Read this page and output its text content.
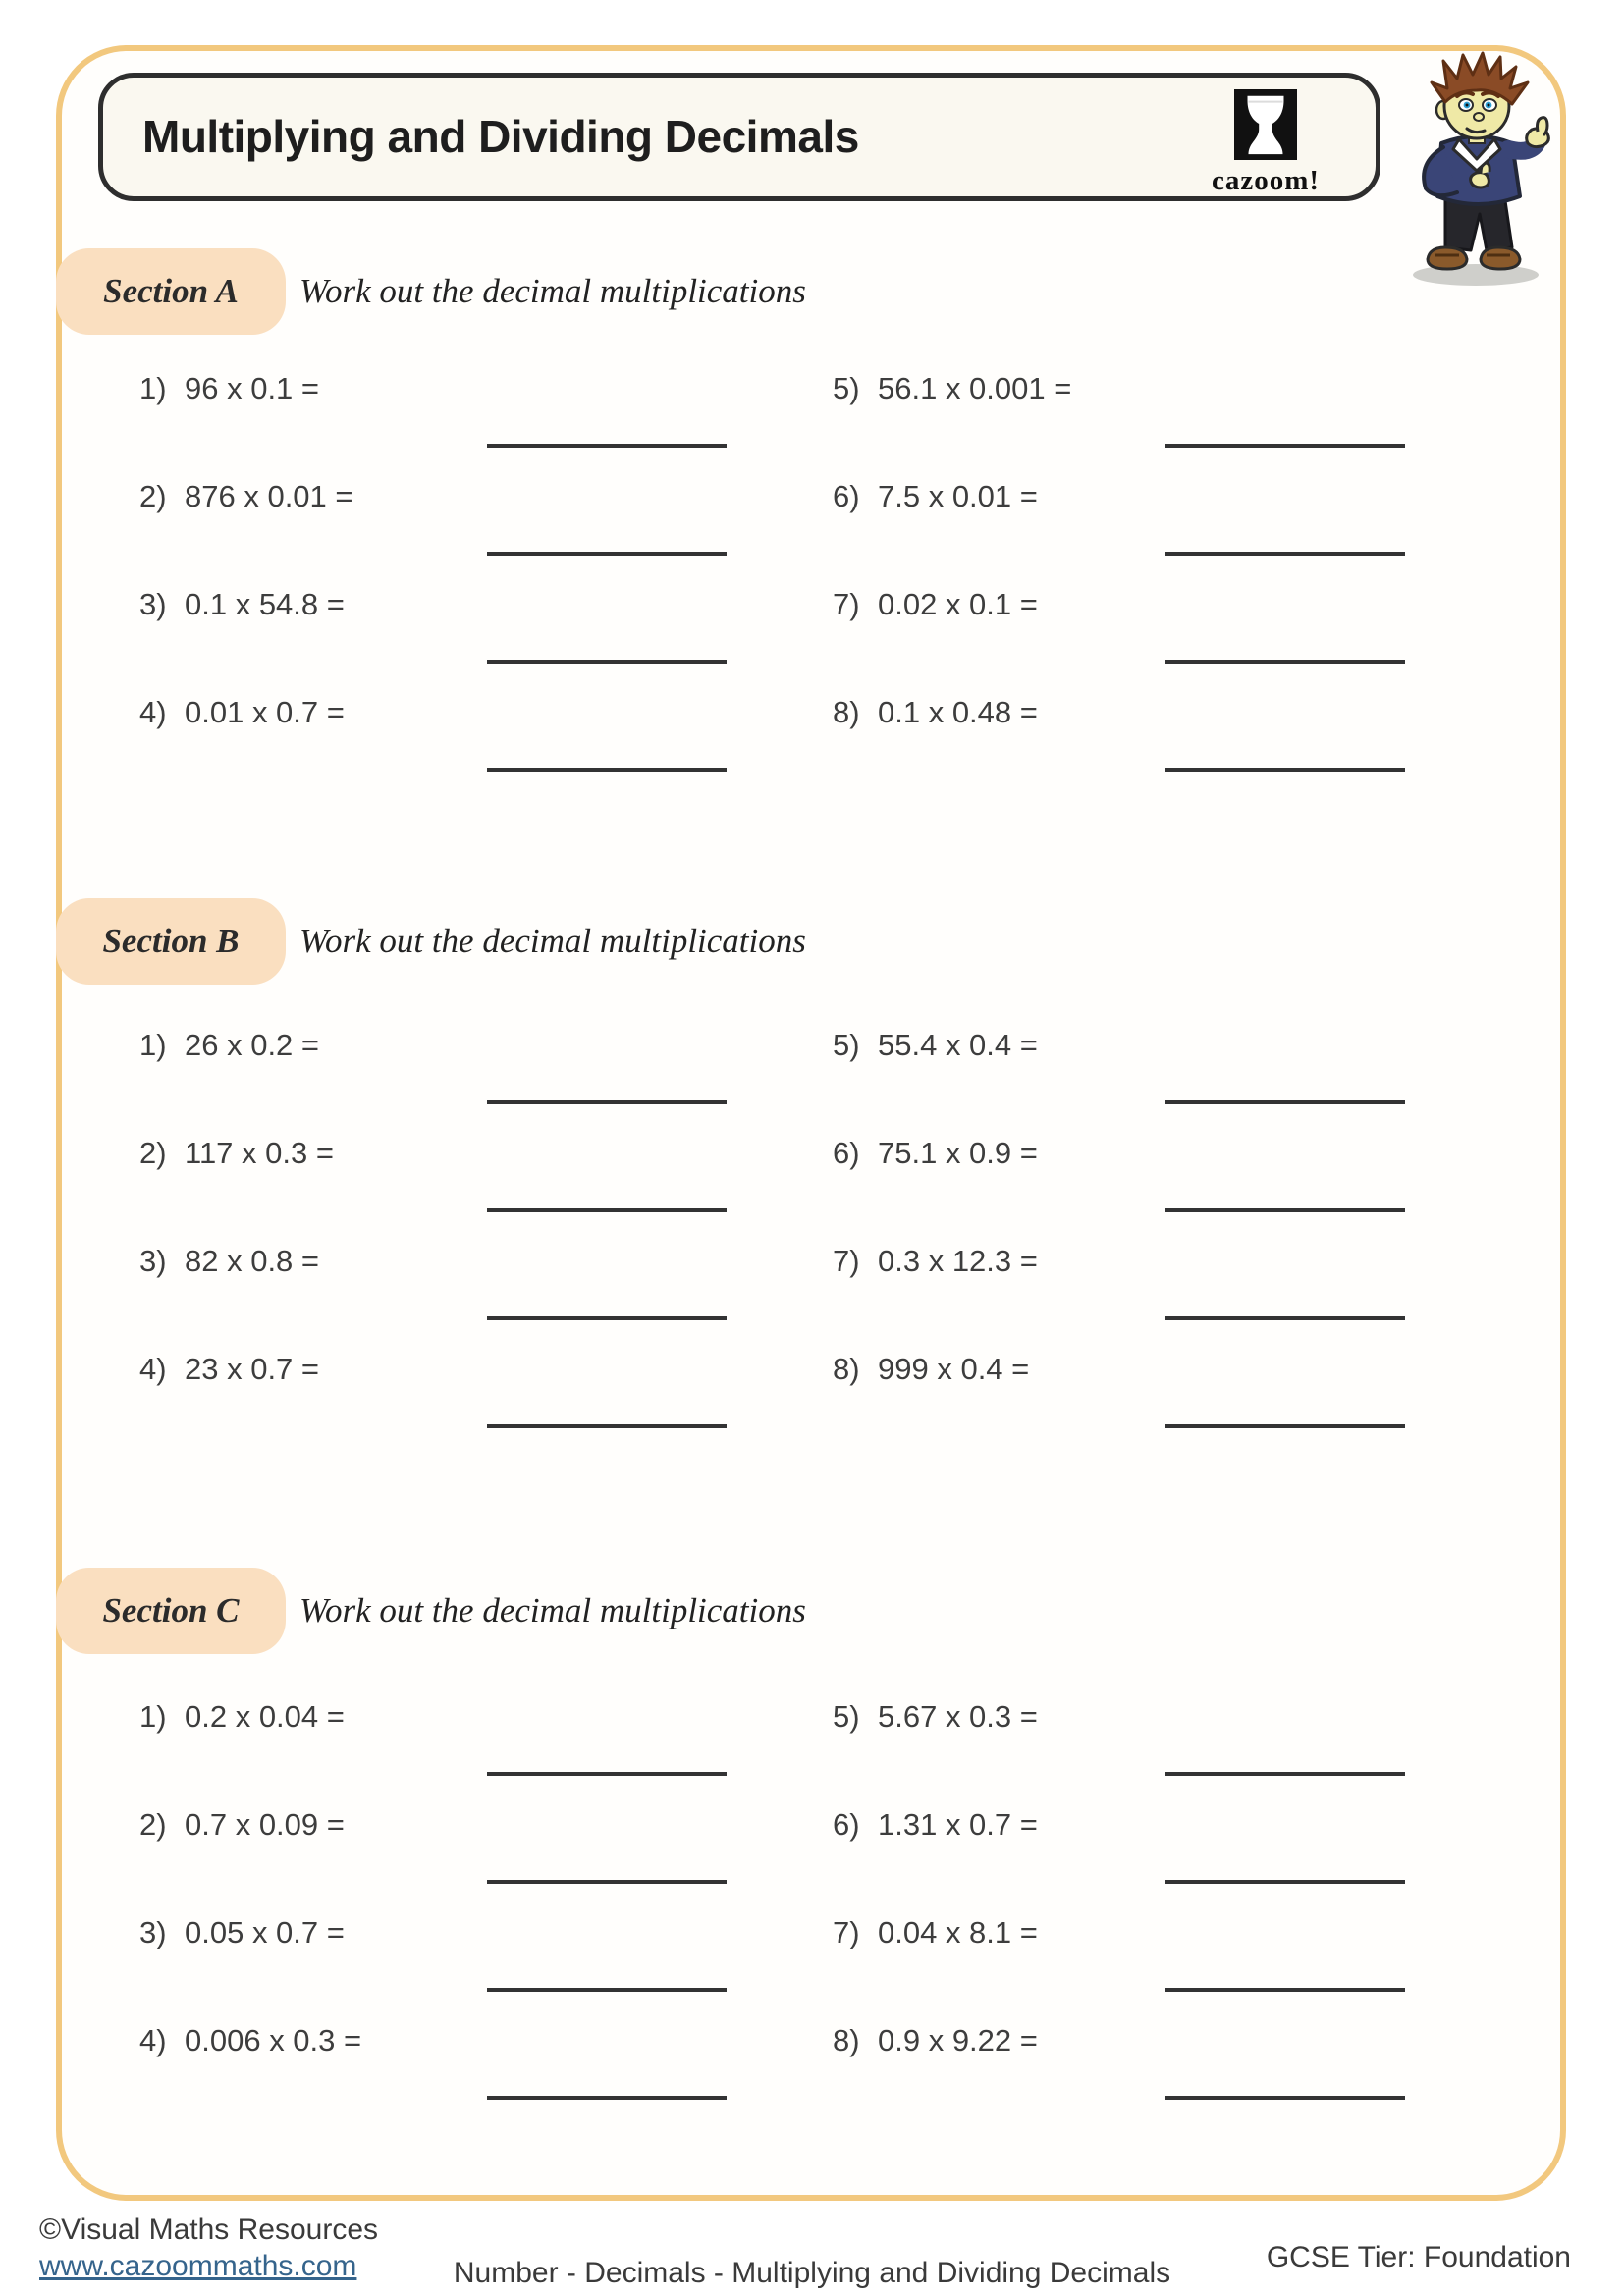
Multiplying and Dividing Decimals
cazoom!
Section A	Work out the decimal multiplications
1) 96 x 0.1 =
2) 876 x 0.01 =
3) 0.1 x 54.8 =
4) 0.01 x 0.7 =
5) 56.1 x 0.001 =
6) 7.5 x 0.01 =
7) 0.02 x 0.1 =
8) 0.1 x 0.48 =
Section B	Work out the decimal multiplications
1) 26 x 0.2 =
2) 117 x 0.3 =
3) 82 x 0.8 =
4) 23 x 0.7 =
5) 55.4 x 0.4 =
6) 75.1 x 0.9 =
7) 0.3 x 12.3 =
8) 999 x 0.4 =
Section C	Work out the decimal multiplications
1) 0.2 x 0.04 =
2) 0.7 x 0.09 =
3) 0.05 x 0.7 =
4) 0.006 x 0.3 =
5) 5.67 x 0.3 =
6) 1.31 x 0.7 =
7) 0.04 x 8.1 =
8) 0.9 x 9.22 =
©Visual Maths Resources
www.cazoommaths.com	Number - Decimals - Multiplying and Dividing Decimals	GCSE Tier: Foundation
